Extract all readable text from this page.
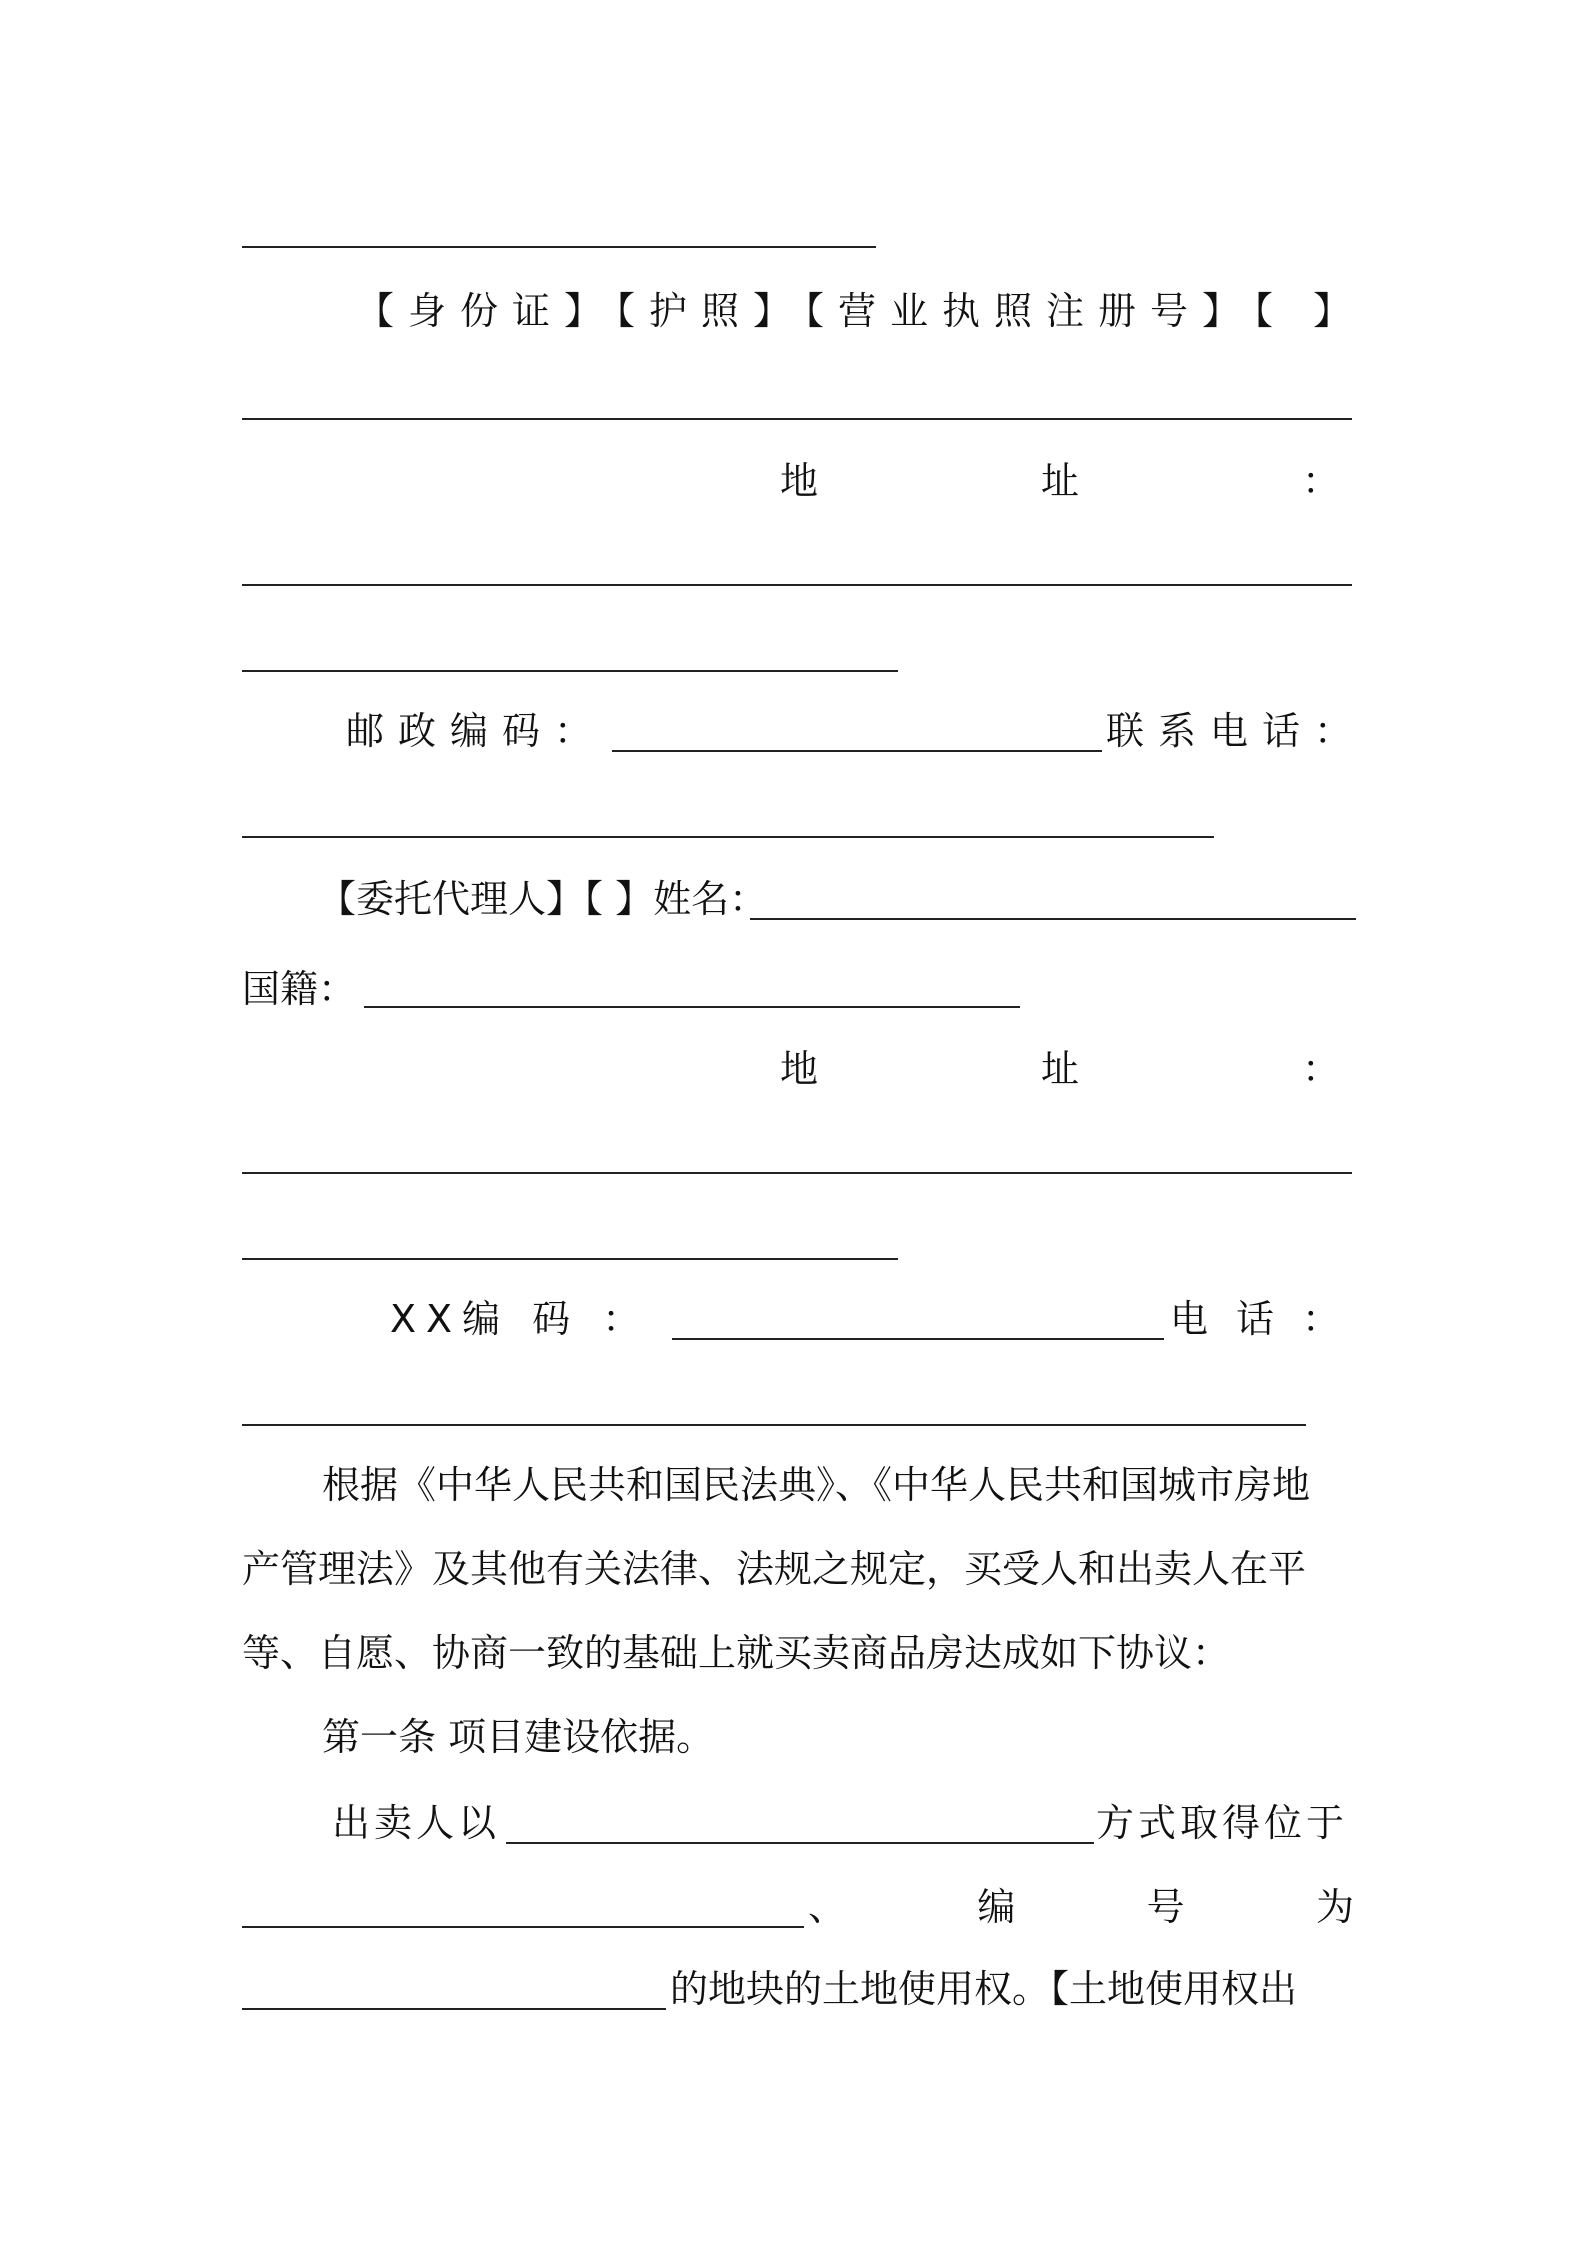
【身份证】【护照】【营业执照注册号】【 】
地	址	：
邮政编码：	联系电话：
【委托代理人】【 】姓名：
国籍：
地	址	：
XX编 码 ：	电 话 ：
根据《中华人民共和国民法典》、《中华人民共和国城市房地
产管理法》及其他有关法律、法规之规定，买受人和出卖人在平
等、自愿、协商一致的基础上就买卖商品房达成如下协议：
第一条 项目建设依据。
出卖人以	方式取得位于
、	编	号	为
的地块的土地使用权。【土地使用权出
